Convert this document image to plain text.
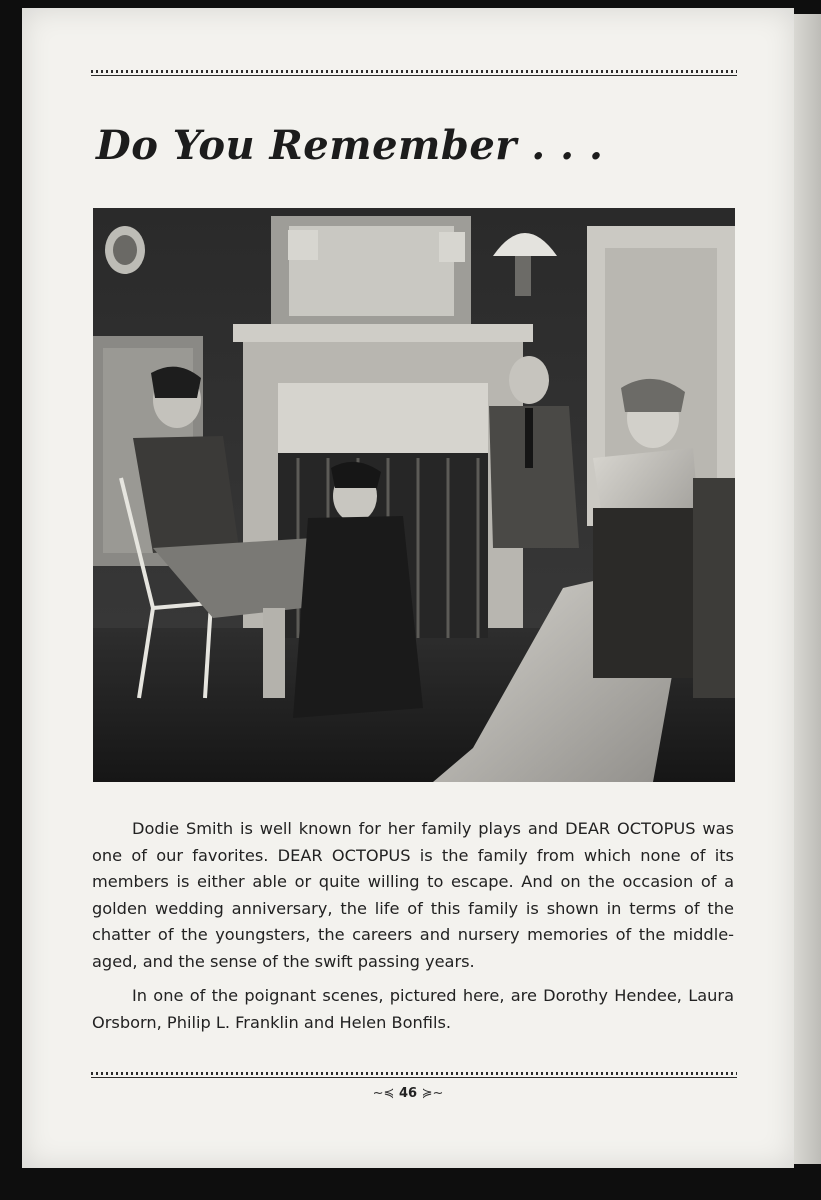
Do You Remember . . .

Dodie Smith is well known for her family plays and DEAR OCTOPUS was one of our favorites. DEAR OCTOPUS is the family from which none of its members is either able or quite willing to escape. And on the occasion of a golden wedding anniversary, the life of this family is shown in terms of the chatter of the youngsters, the careers and nursery memories of the middle-aged, and the sense of the swift passing years.

In one of the poignant scenes, pictured here, are Dorothy Hendee, Laura Orsborn, Philip L. Franklin and Helen Bonfils.

~≼ 46 ≽~
